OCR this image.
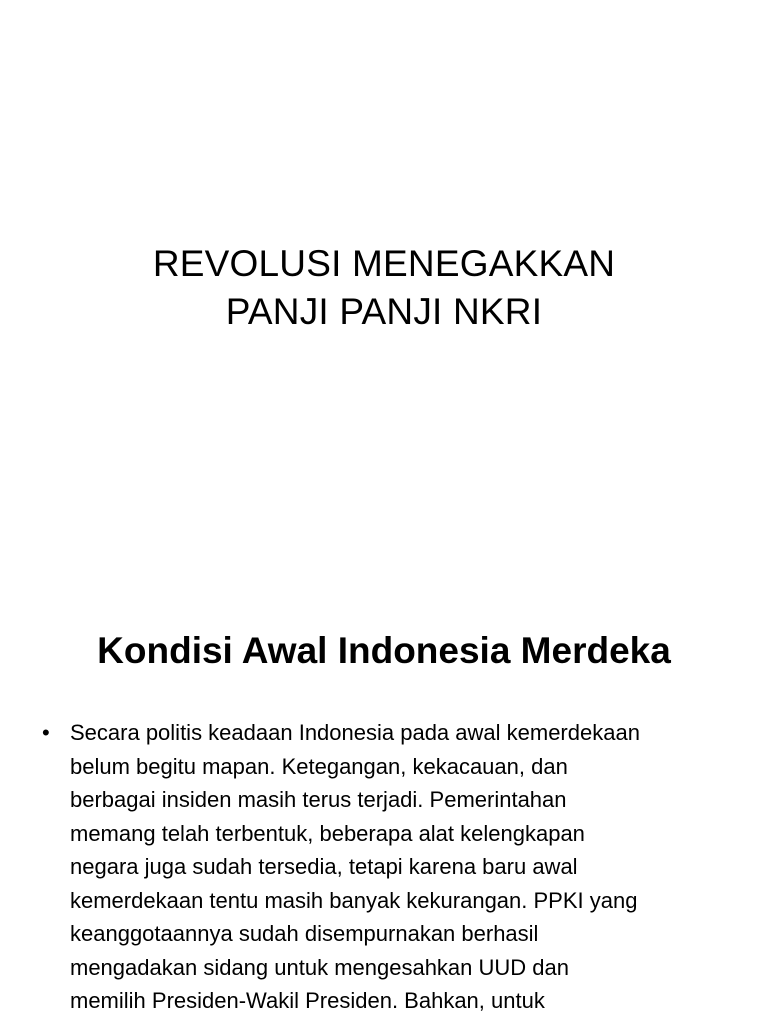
REVOLUSI MENEGAKKAN
PANJI PANJI NKRI
Kondisi Awal Indonesia Merdeka
• Secara politis keadaan Indonesia pada awal kemerdekaan
belum begitu mapan. Ketegangan, kekacauan, dan
berbagai insiden masih terus terjadi. Pemerintahan
memang telah terbentuk, beberapa alat kelengkapan
negara juga sudah tersedia, tetapi karena baru awal
kemerdekaan tentu masih banyak kekurangan. PPKI yang
keanggotaannya sudah disempurnakan berhasil
mengadakan sidang untuk mengesahkan UUD dan
memilih Presiden-Wakil Presiden. Bahkan, untuk
